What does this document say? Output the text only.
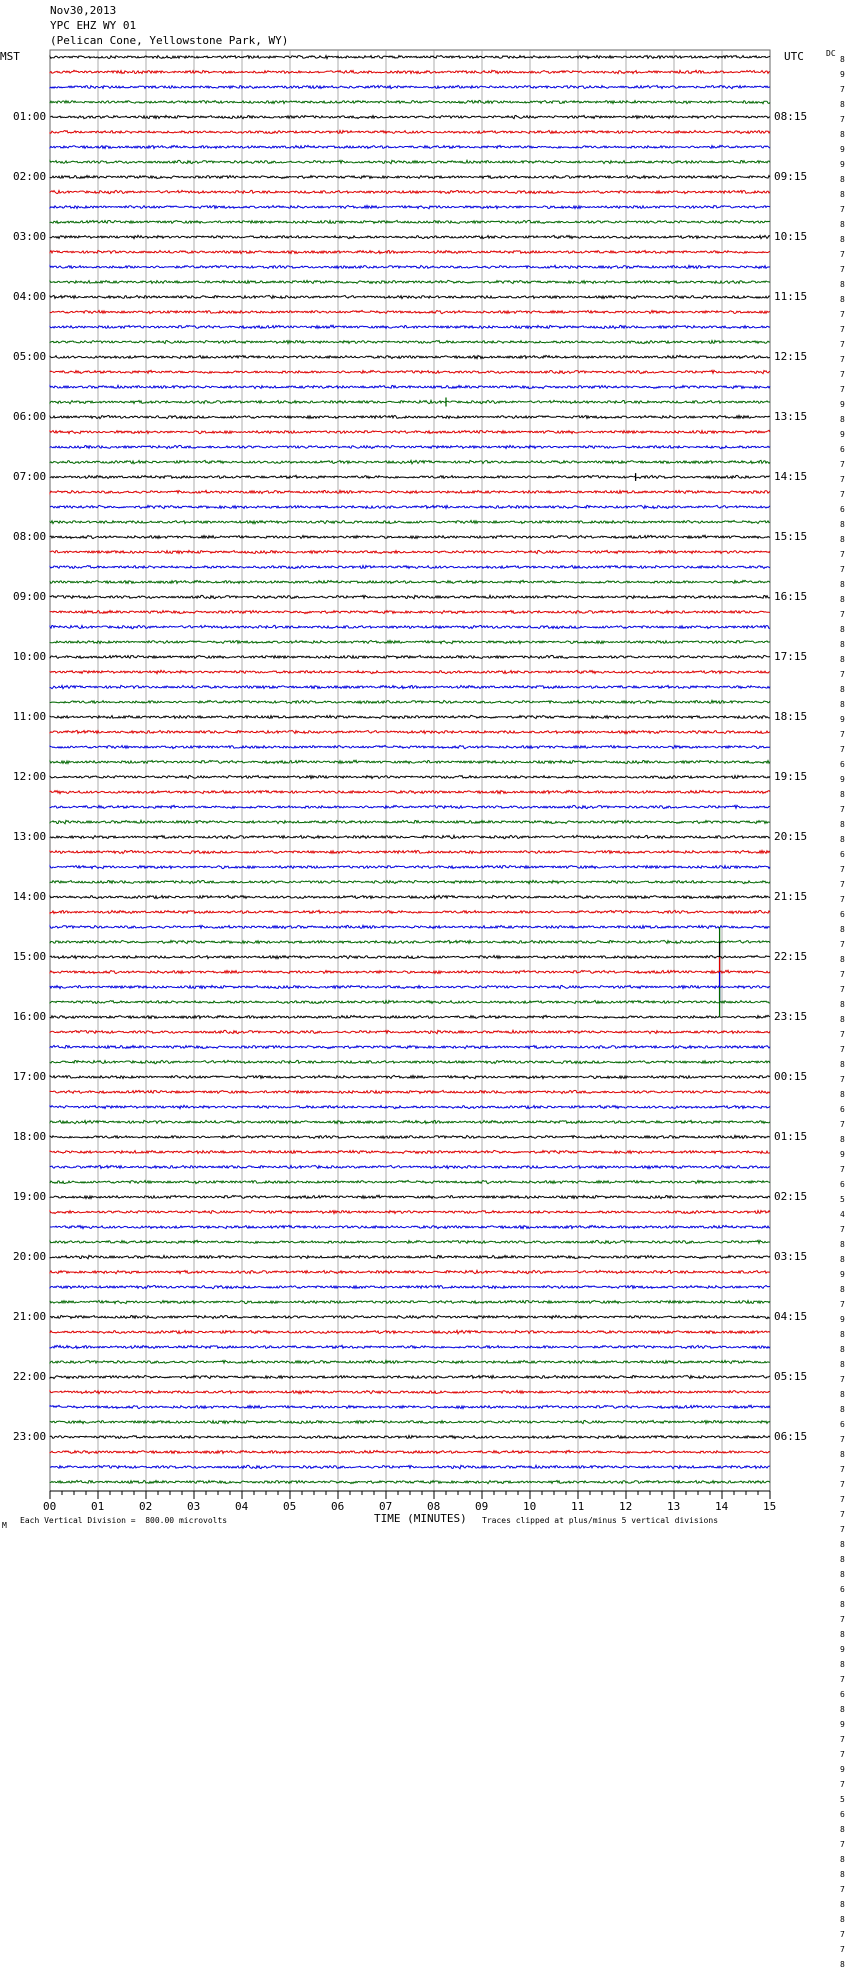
Nov30,2013
YPC EHZ WY 01
(Pelican Cone, Yellowstone Park, WY)
MST	UTC	DC
01:00
02:00
03:00
04:00
05:00
06:00
07:00
08:00
09:00
10:00
11:00
12:00
13:00
14:00
15:00
16:00
17:00
18:00
19:00
20:00
21:00
22:00
23:00
08:15
09:15
10:15
11:15
12:15
13:15
14:15
15:15
16:15
17:15
18:15
19:15
20:15
21:15
22:15
23:15
00:15
01:15
02:15
03:15
04:15
05:15
06:15
8
9
7
8
7
8
9
9
8
8
7
8
8
7
7
8
8
7
7
7
7
7
7
9
8
9
6
7
7
7
6
8
8
7
7
8
8
7
8
8
8
7
8
8
9
7
7
6
9
8
7
8
8
6
7
7
7
6
8
7
8
7
7
8
8
7
7
8
7
8
6
7
8
9
7
6
5
4
7
8
8
9
8
7
9
8
8
8
7
8
8
6
7
8
7
7
7
7
7
8
8
8
6
8
7
8
9
8
7
6
8
9
7
7
9
7
5
6
8
7
8
8
7
8
8
7
7
8
00	01	02	03	04	05	06	07	08	09	10	11	12	13	14	15
M
Each Vertical Division =  800.00 microvolts	TIME (MINUTES) Traces clipped at plus/minus 5 vertical divisions
